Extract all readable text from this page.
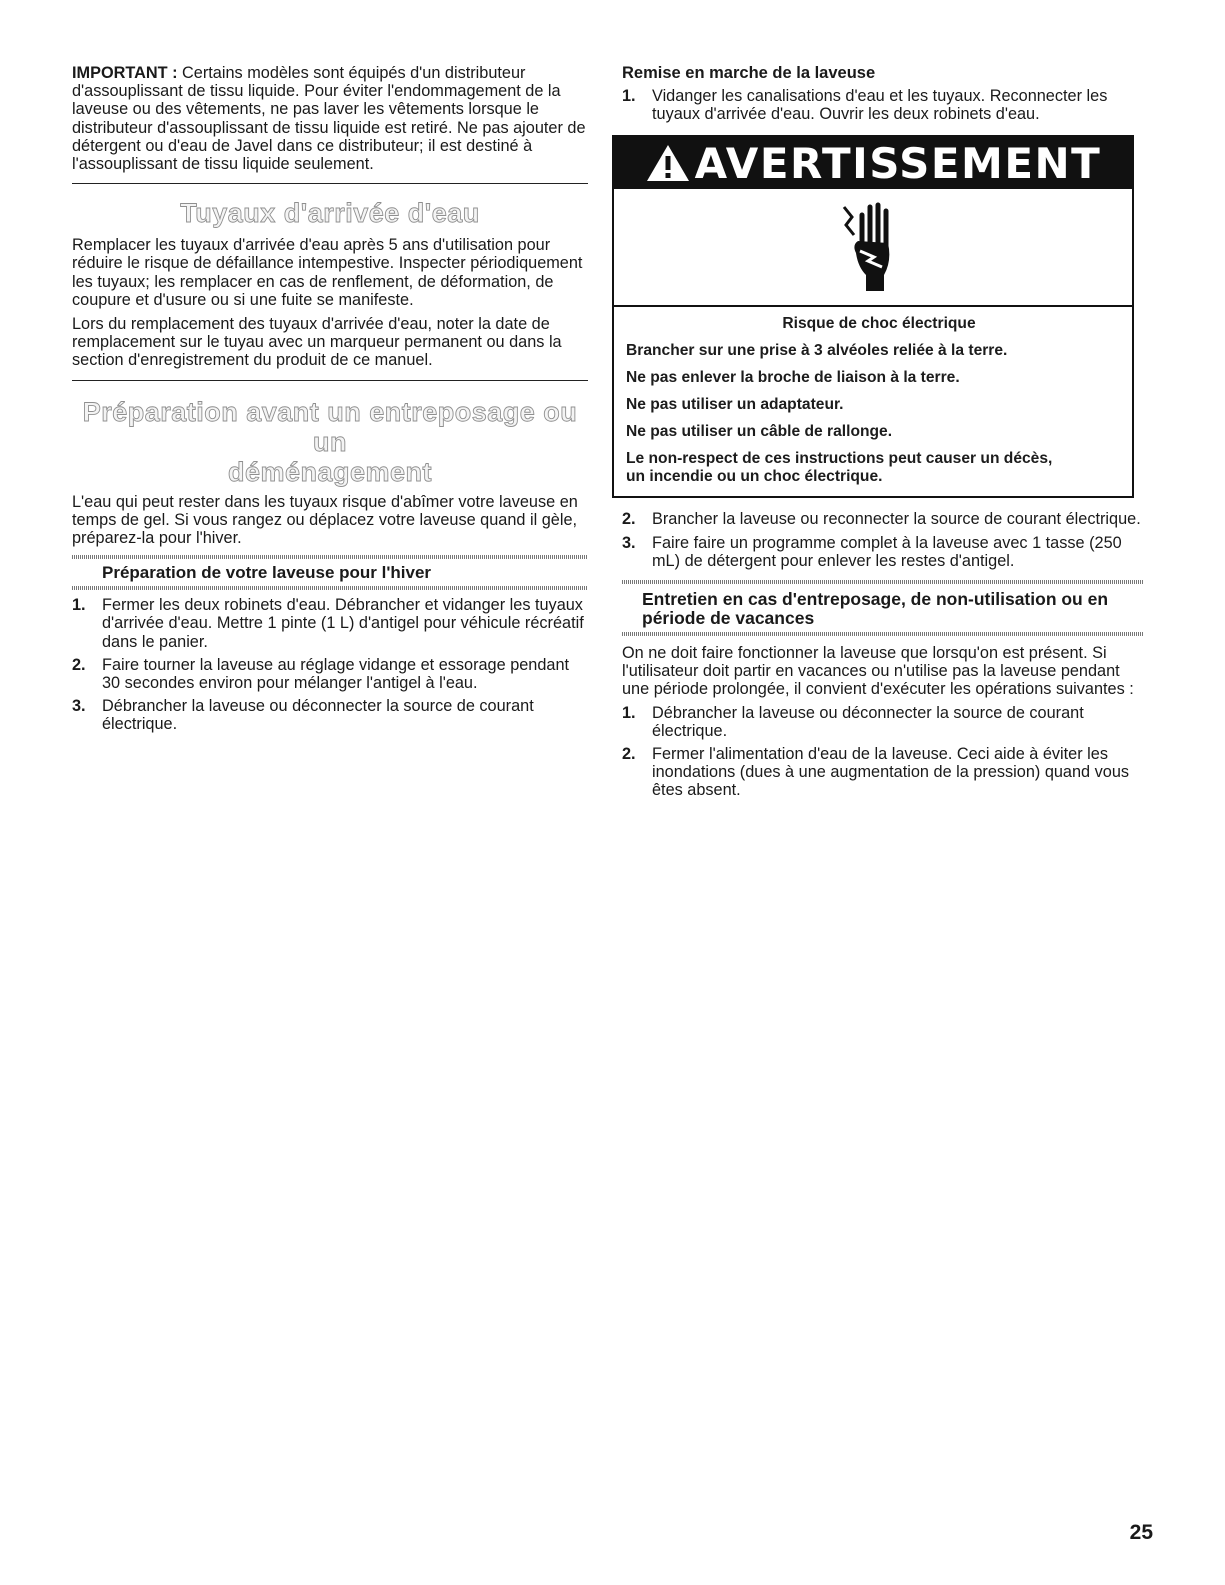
IMPORTANT : Certains modèles sont équipés d'un distributeur d'assouplissant de tissu liquide. Pour éviter l'endommagement de la laveuse ou des vêtements, ne pas laver les vêtements lorsque le distributeur d'assouplissant de tissu liquide est retiré. Ne pas ajouter de détergent ou d'eau de Javel dans ce distributeur; il est destiné à l'assouplissant de tissu liquide seulement.

Tuyaux d'arrivée d'eau

Remplacer les tuyaux d'arrivée d'eau après 5 ans d'utilisation pour réduire le risque de défaillance intempestive. Inspecter périodiquement les tuyaux; les remplacer en cas de renflement, de déformation, de coupure et d'usure ou si une fuite se manifeste.

Lors du remplacement des tuyaux d'arrivée d'eau, noter la date de remplacement sur le tuyau avec un marqueur permanent ou dans la section d'enregistrement du produit de ce manuel.

Préparation avant un entreposage ou un
déménagement

L'eau qui peut rester dans les tuyaux risque d'abîmer votre laveuse en temps de gel. Si vous rangez ou déplacez votre laveuse quand il gèle, préparez-la pour l'hiver.

Préparation de votre laveuse pour l'hiver
1. Fermer les deux robinets d'eau. Débrancher et vidanger les tuyaux d'arrivée d'eau. Mettre 1 pinte (1 L) d'antigel pour véhicule récréatif dans le panier.
2. Faire tourner la laveuse au réglage vidange et essorage pendant 30 secondes environ pour mélanger l'antigel à l'eau.
3. Débrancher la laveuse ou déconnecter la source de courant électrique.
Remise en marche de la laveuse
1. Vidanger les canalisations d'eau et les tuyaux. Reconnecter les tuyaux d'arrivée d'eau. Ouvrir les deux robinets d'eau.
AVERTISSEMENT

Risque de choc électrique

Brancher sur une prise à 3 alvéoles reliée à la terre.

Ne pas enlever la broche de liaison à la terre.

Ne pas utiliser un adaptateur.

Ne pas utiliser un câble de rallonge.

Le non-respect de ces instructions peut causer un décès, un incendie ou un choc électrique.

2. Brancher la laveuse ou reconnecter la source de courant électrique.
3. Faire faire un programme complet à la laveuse avec 1 tasse (250 mL) de détergent pour enlever les restes d'antigel.
Entretien en cas d'entreposage, de non-utilisation ou en période de vacances

On ne doit faire fonctionner la laveuse que lorsqu'on est présent. Si l'utilisateur doit partir en vacances ou n'utilise pas la laveuse pendant une période prolongée, il convient d'exécuter les opérations suivantes :

1. Débrancher la laveuse ou déconnecter la source de courant électrique.
2. Fermer l'alimentation d'eau de la laveuse. Ceci aide à éviter les inondations (dues à une augmentation de la pression) quand vous êtes absent.
25
